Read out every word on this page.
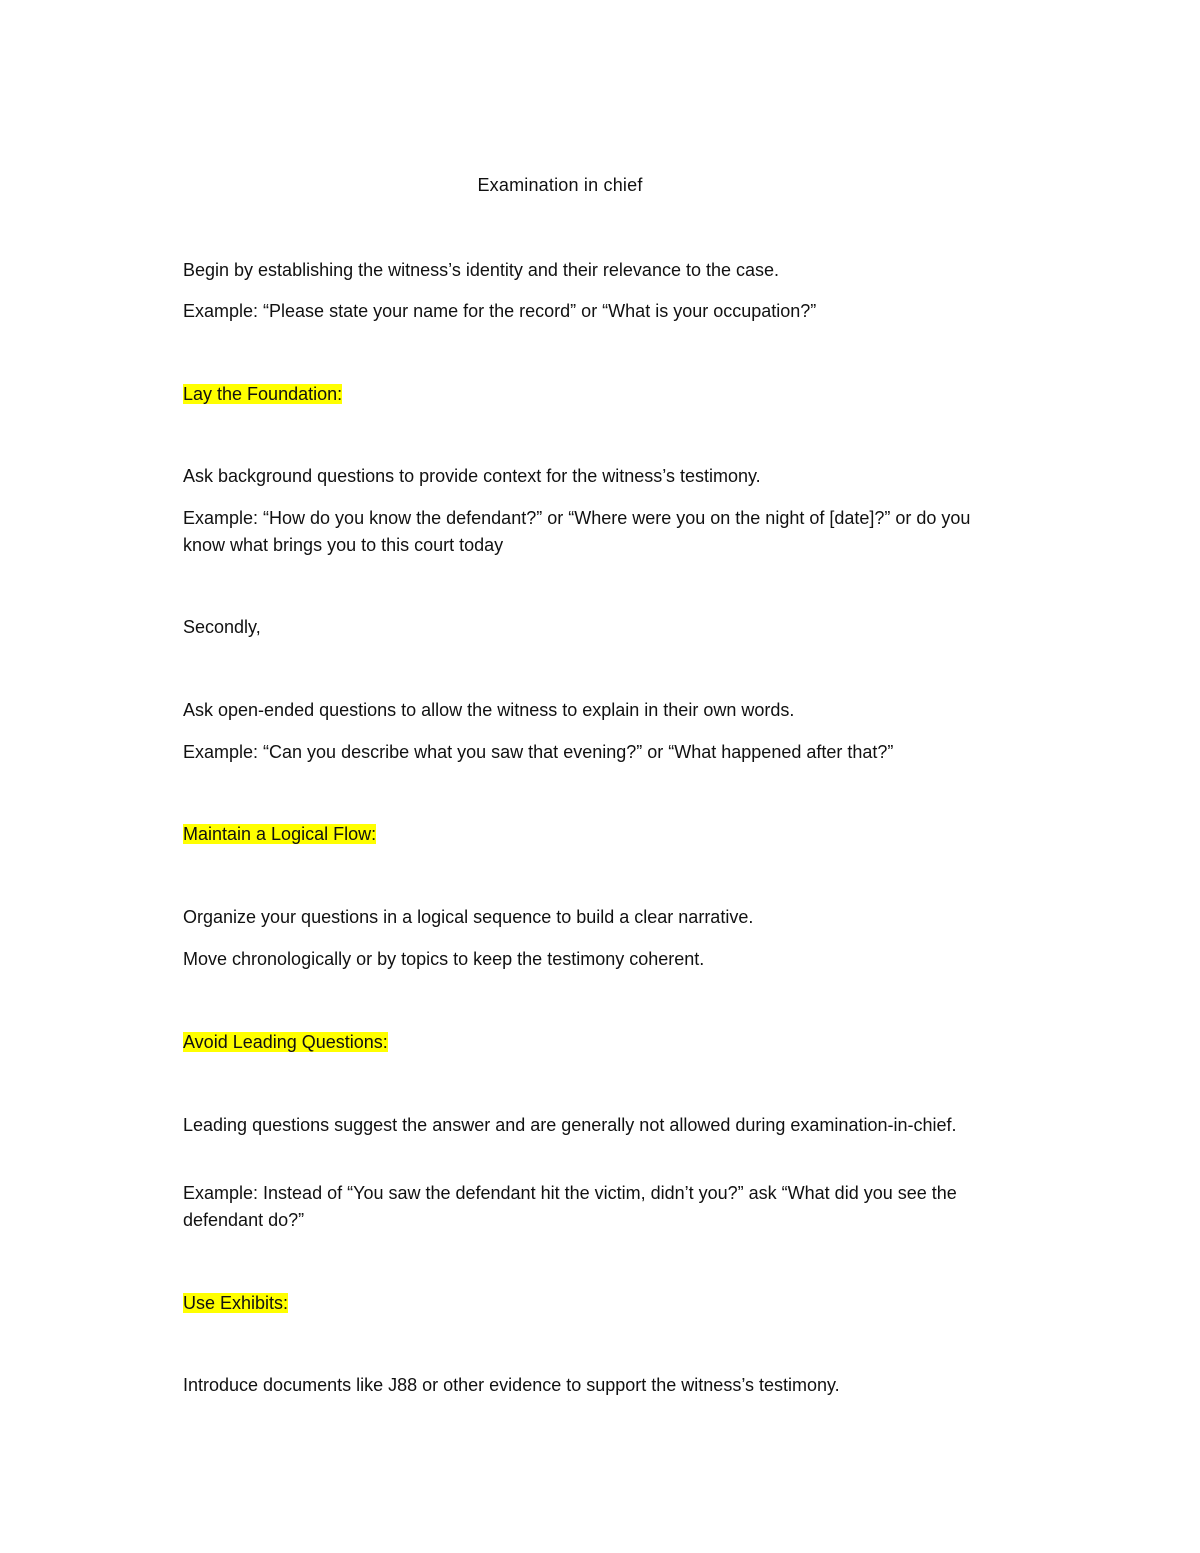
Examination in chief
Begin by establishing the witness’s identity and their relevance to the case.
Example: “Please state your name for the record” or “What is your occupation?”
Lay the Foundation:
Ask background questions to provide context for the witness’s testimony.
Example: “How do you know the defendant?” or “Where were you on the night of [date]?” or do you know what brings you to this court today
Secondly,
Ask open-ended questions to allow the witness to explain in their own words.
Example: “Can you describe what you saw that evening?” or “What happened after that?”
Maintain a Logical Flow:
Organize your questions in a logical sequence to build a clear narrative.
Move chronologically or by topics to keep the testimony coherent.
Avoid Leading Questions:
Leading questions suggest the answer and are generally not allowed during examination-in-chief.
Example: Instead of “You saw the defendant hit the victim, didn’t you?” ask “What did you see the defendant do?”
Use Exhibits:
Introduce documents like J88 or other evidence to support the witness’s testimony.
